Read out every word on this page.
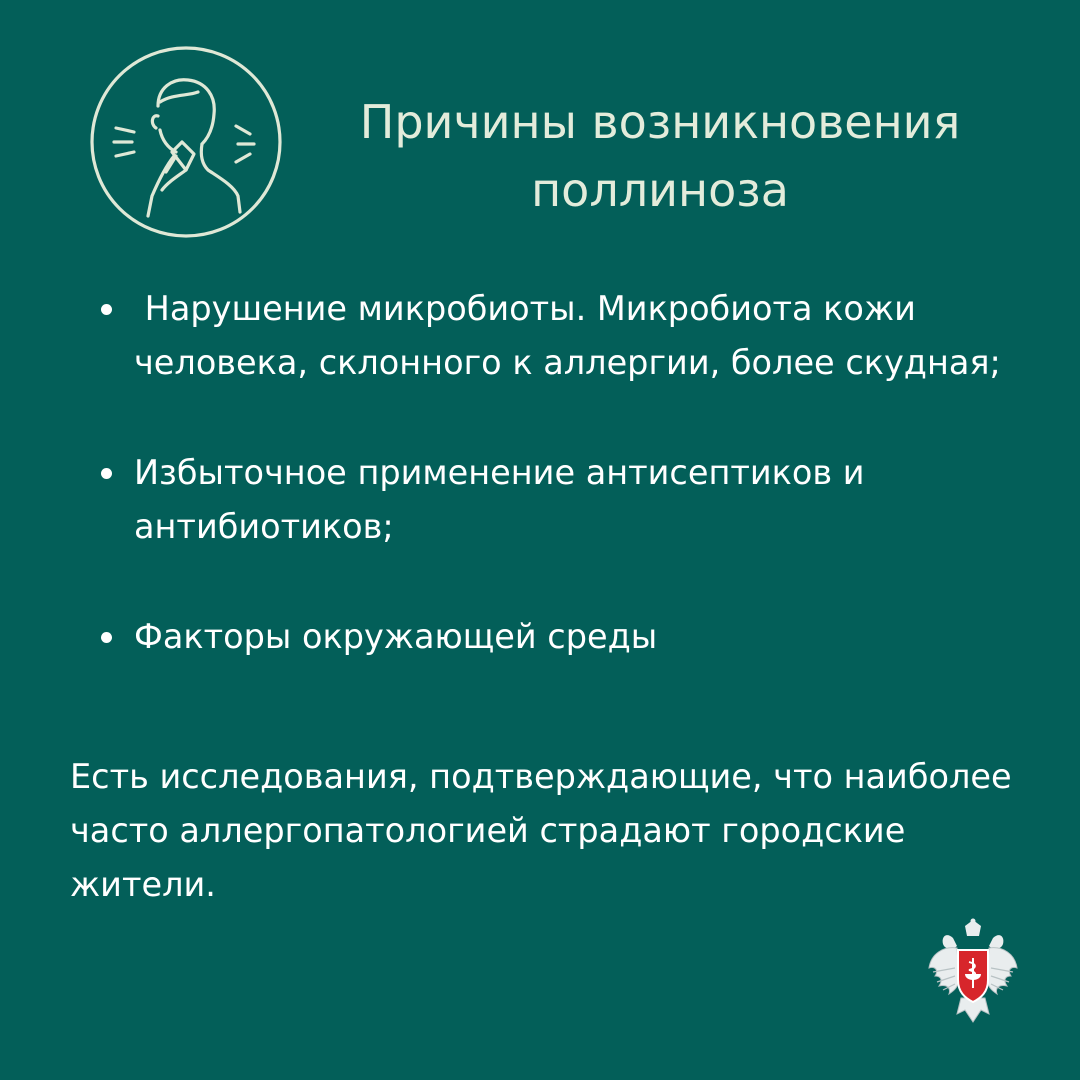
Причины возникновения
поллиноза
Нарушение микробиоты. Микробиота кожи человека, склонного к аллергии, более скудная;
Избыточное применение антисептиков и антибиотиков;
Факторы окружающей среды

Есть исследования, подтверждающие, что наиболее часто аллергопатологией страдают городские жители.
